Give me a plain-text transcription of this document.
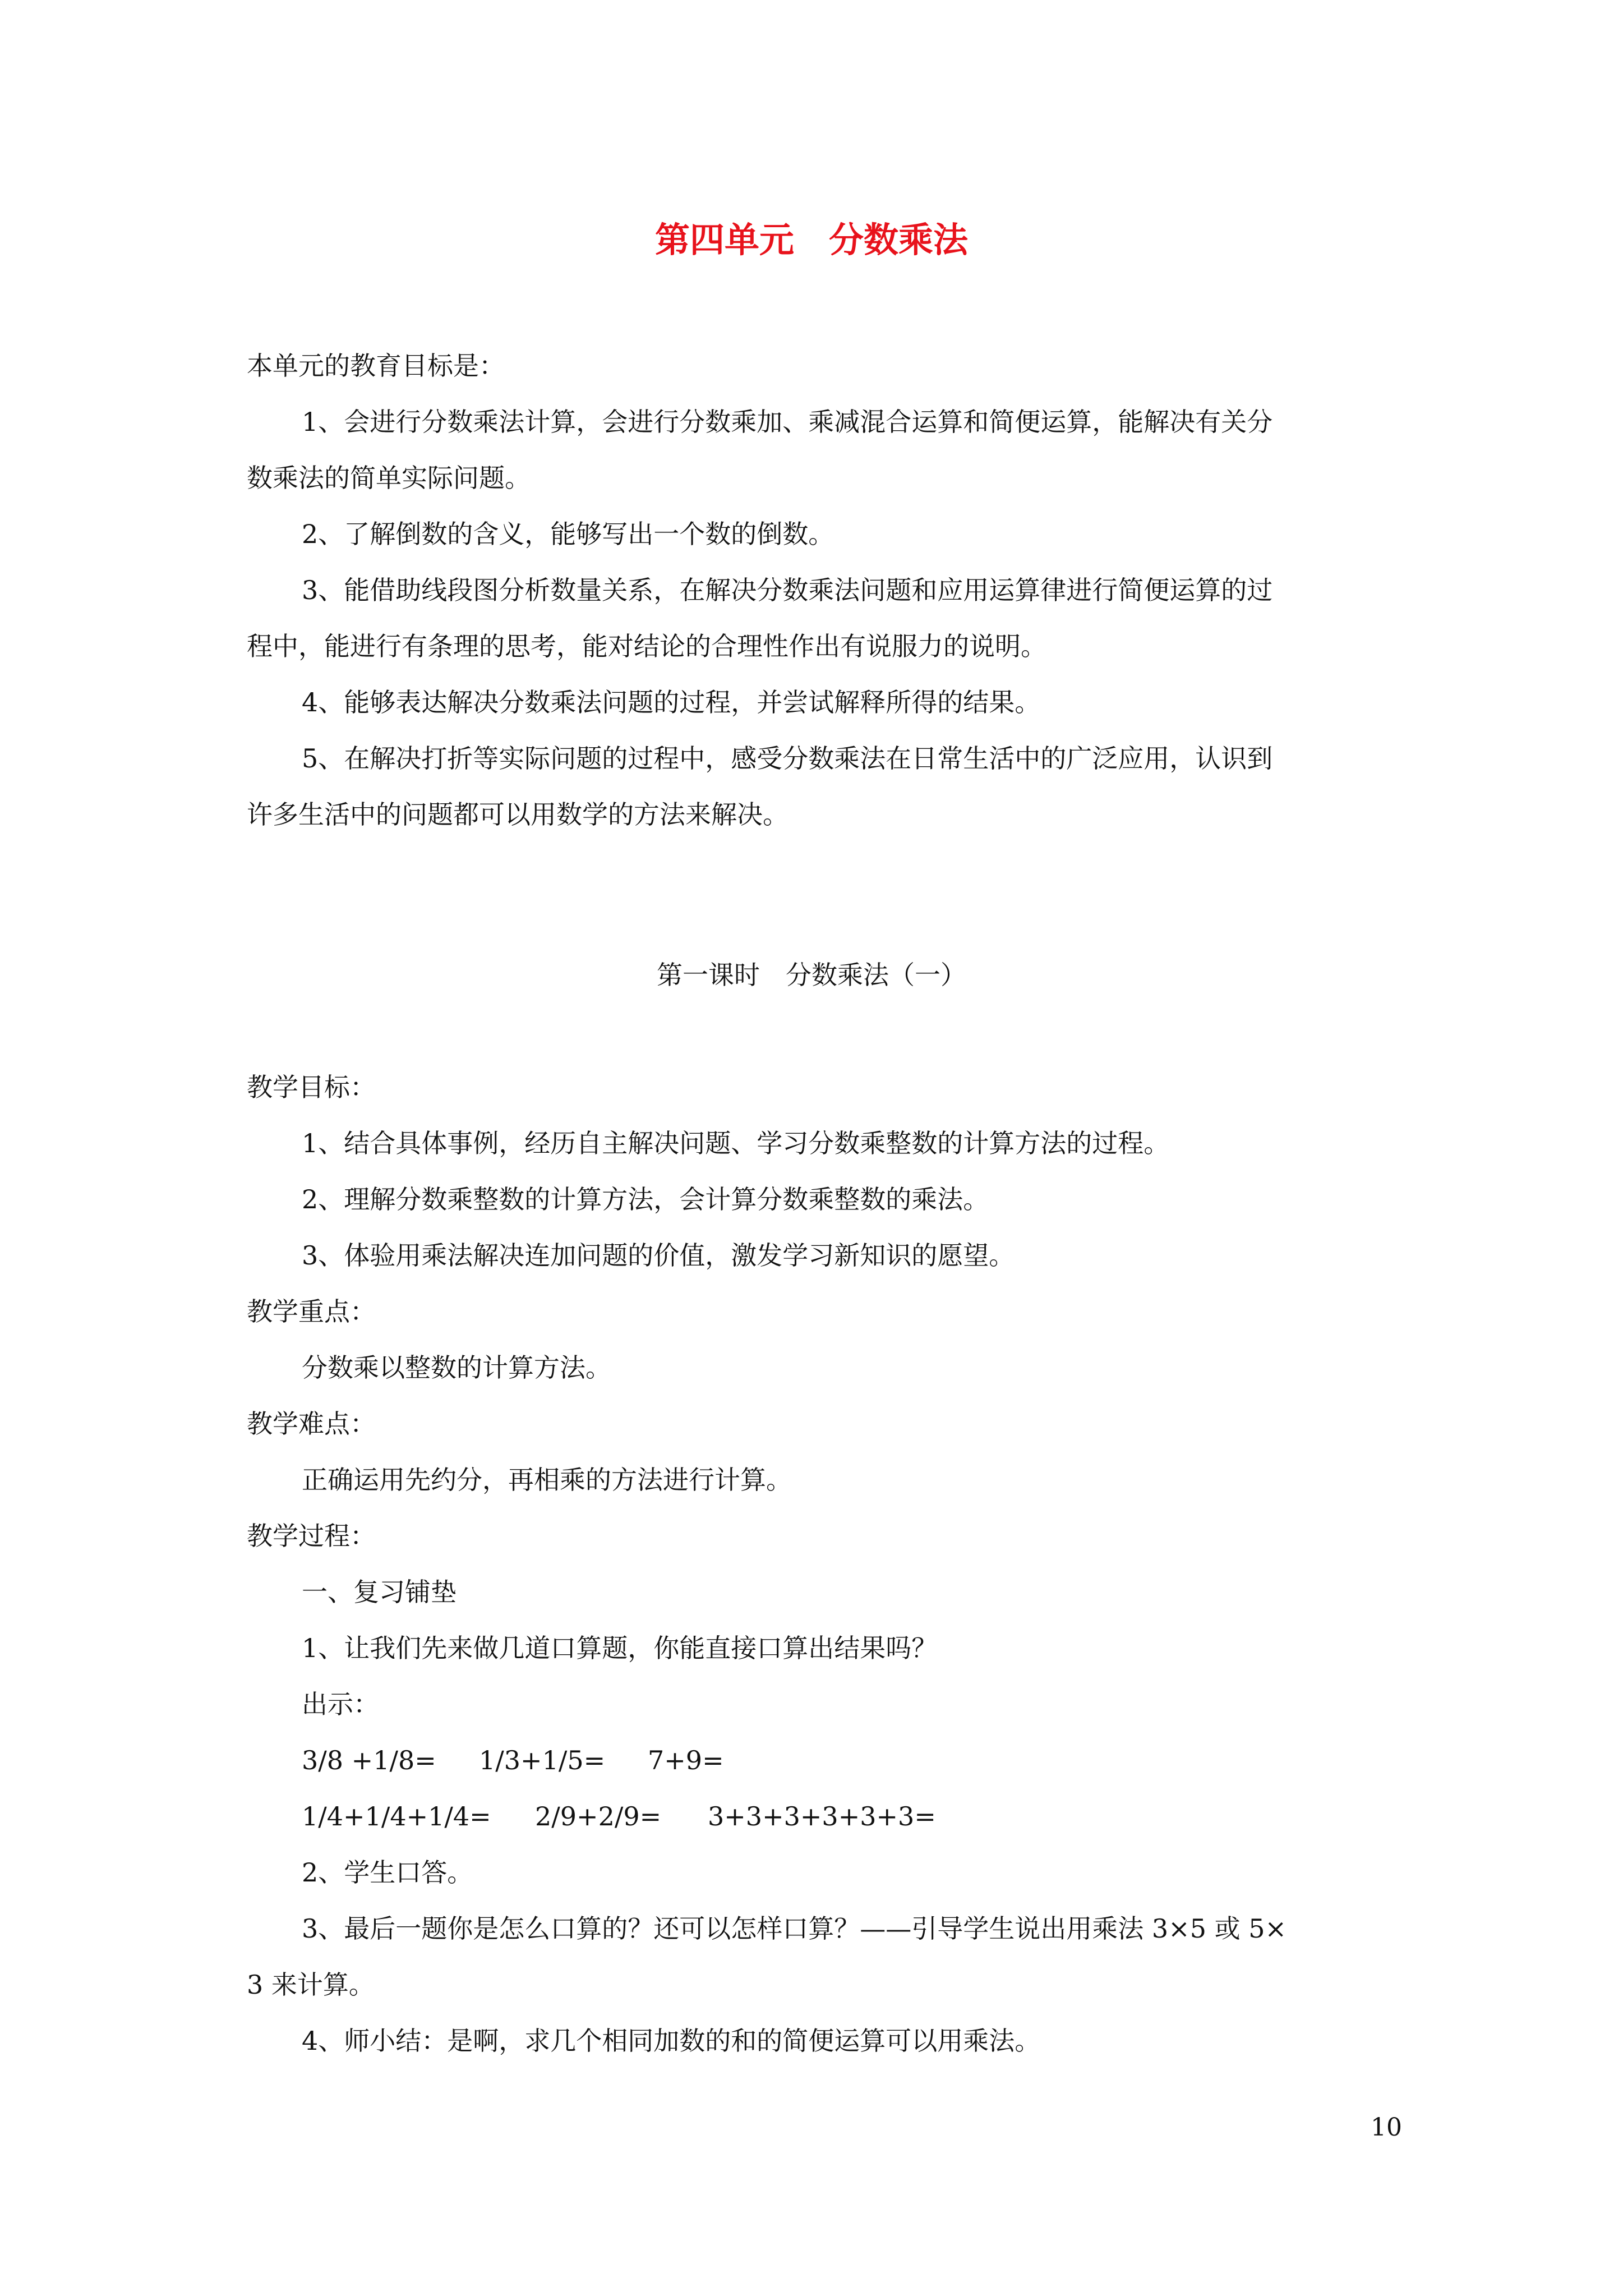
第四单元　分数乘法
本单元的教育目标是：
1、会进行分数乘法计算，会进行分数乘加、乘减混合运算和简便运算，能解决有关分
数乘法的简单实际问题。
2、了解倒数的含义，能够写出一个数的倒数。
3、能借助线段图分析数量关系，在解决分数乘法问题和应用运算律进行简便运算的过
程中，能进行有条理的思考，能对结论的合理性作出有说服力的说明。
4、能够表达解决分数乘法问题的过程，并尝试解释所得的结果。
5、在解决打折等实际问题的过程中，感受分数乘法在日常生活中的广泛应用，认识到
许多生活中的问题都可以用数学的方法来解决。
第一课时　分数乘法（一）
教学目标：
1、结合具体事例，经历自主解决问题、学习分数乘整数的计算方法的过程。
2、理解分数乘整数的计算方法，会计算分数乘整数的乘法。
3、体验用乘法解决连加问题的价值，激发学习新知识的愿望。
教学重点：
分数乘以整数的计算方法。
教学难点：
正确运用先约分，再相乘的方法进行计算。
教学过程：
一、复习铺垫
1、让我们先来做几道口算题，你能直接口算出结果吗？
出示：
3/8 +1/8= 1/3+1/5= 7+9=
1/4+1/4+1/4= 2/9+2/9= 3+3+3+3+3+3=
2、学生口答。
3、最后一题你是怎么口算的？还可以怎样口算？——引导学生说出用乘法 3×5 或 5×
3 来计算。
4、师小结：是啊，求几个相同加数的和的简便运算可以用乘法。
10
